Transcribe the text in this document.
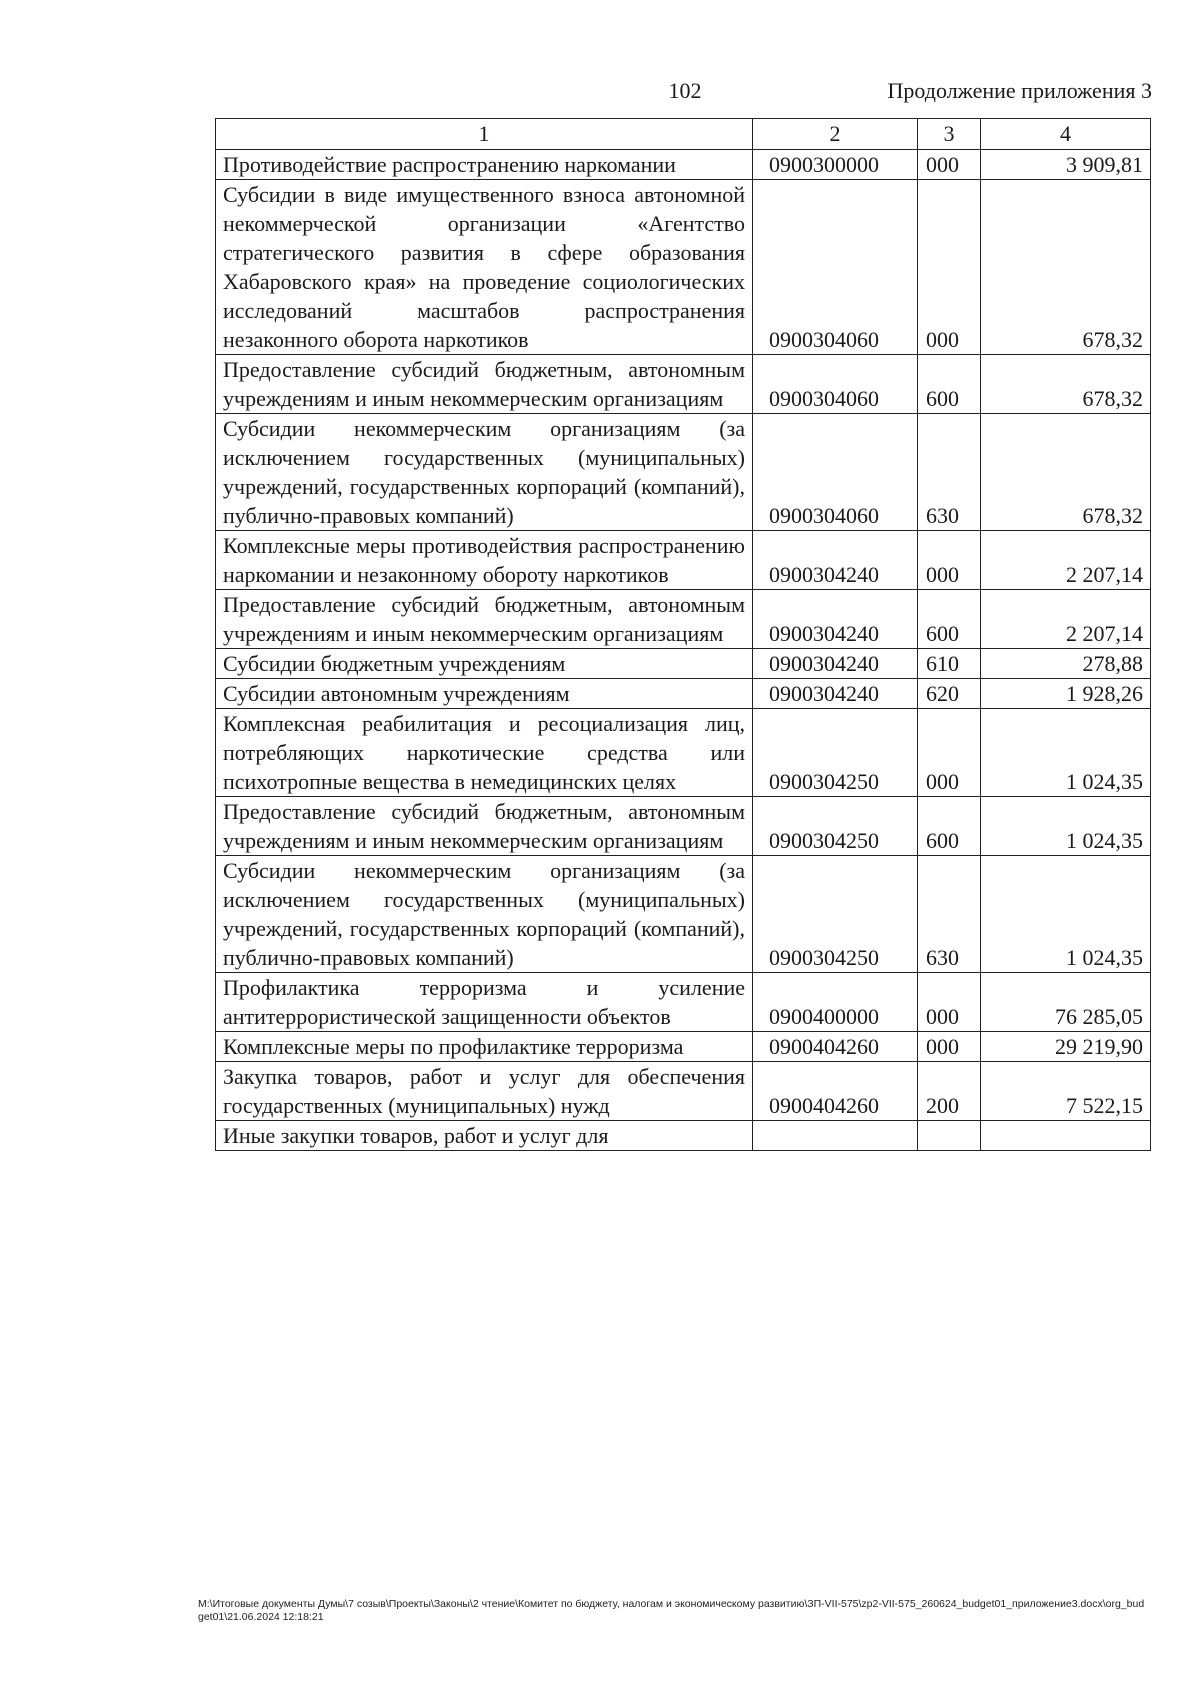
102	Продолжение приложения 3
1	2	3	4
Противодействие распространению наркомании	0900300000	000	3 909,81
Субсидии в виде имущественного взноса автономной некоммерческой организации «Агентство стратегического развития в сфере образования Хабаровского края» на проведение социологических исследований масштабов распространения незаконного оборота наркотиков	0900304060	000	678,32
Предоставление субсидий бюджетным, автономным учреждениям и иным некоммерческим организациям	0900304060	600	678,32
Субсидии некоммерческим организациям (за исключением государственных (муниципальных) учреждений, государственных корпораций (компаний), публично-правовых компаний)	0900304060	630	678,32
Комплексные меры противодействия распространению наркомании и незаконному обороту наркотиков	0900304240	000	2 207,14
Предоставление субсидий бюджетным, автономным учреждениям и иным некоммерческим организациям	0900304240	600	2 207,14
Субсидии бюджетным учреждениям	0900304240	610	278,88
Субсидии автономным учреждениям	0900304240	620	1 928,26
Комплексная реабилитация и ресоциализация лиц, потребляющих наркотические средства или психотропные вещества в немедицинских целях	0900304250	000	1 024,35
Предоставление субсидий бюджетным, автономным учреждениям и иным некоммерческим организациям	0900304250	600	1 024,35
Субсидии некоммерческим организациям (за исключением государственных (муниципальных) учреждений, государственных корпораций (компаний), публично-правовых компаний)	0900304250	630	1 024,35
Профилактика терроризма и усиление антитеррористической защищенности объектов	0900400000	000	76 285,05
Комплексные меры по профилактике терроризма	0900404260	000	29 219,90
Закупка товаров, работ и услуг для обеспечения государственных (муниципальных) нужд	0900404260	200	7 522,15
Иные закупки товаров, работ и услуг для			
M:\Итоговые документы Думы\7 созыв\Проекты\Законы\2 чтение\Комитет по бюджету, налогам и экономическому развитию\ЗП-VII-575\zp2-VII-575_260624_budget01_приложение3.docx\org_budget01\21.06.2024 12:18:21
